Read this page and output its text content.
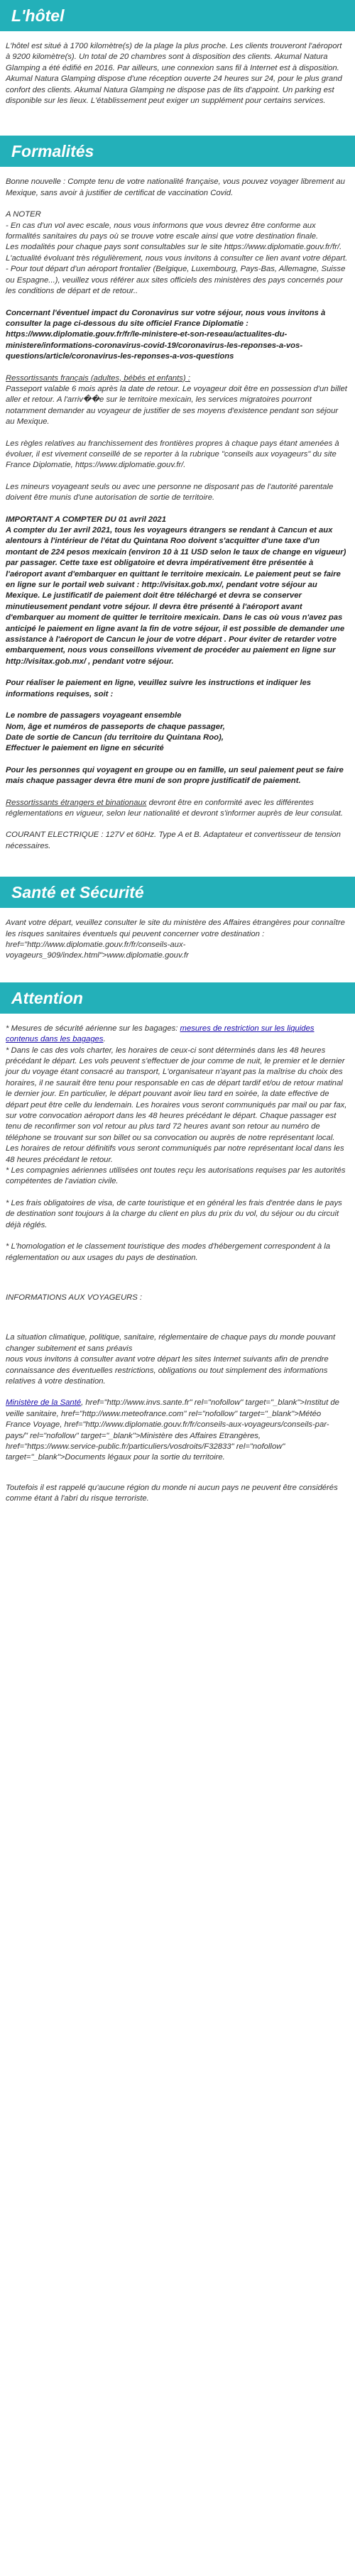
L'hôtel

L'hôtel est situé à 1700 kilomètre(s) de la plage la plus proche. Les clients trouveront l'aéroport à 9200 kilomètre(s). Un total de 20 chambres sont à disposition des clients. Akumal Natura Glamping a été édifié en 2016. Par ailleurs, une connexion sans fil à Internet est à disposition. Akumal Natura Glamping dispose d'une réception ouverte 24 heures sur 24, pour le plus grand confort des clients. Akumal Natura Glamping ne dispose pas de lits d'appoint. Un parking est disponible sur les lieux. L'établissement peut exiger un supplément pour certains services.

Formalités

Bonne nouvelle : Compte tenu de votre nationalité française, vous pouvez voyager librement au Mexique, sans avoir à justifier de certificat de vaccination Covid.

A NOTER
- En cas d'un vol avec escale, nous vous informons que vous devrez être conforme aux formalités sanitaires du pays où se trouve votre escale ainsi que votre destination finale.
Les modalités pour chaque pays sont consultables sur le site https://www.diplomatie.gouv.fr/fr/. L'actualité évoluant très régulièrement, nous vous invitons à consulter ce lien avant votre départ.
- Pour tout départ d'un aéroport frontalier (Belgique, Luxembourg, Pays-Bas, Allemagne, Suisse ou Espagne...), veuillez vous référer aux sites officiels des ministères des pays concernés pour les conditions de départ et de retour..

Concernant l'éventuel impact du Coronavirus sur votre séjour, nous vous invitons à consulter la page ci-dessous du site officiel France Diplomatie : https://www.diplomatie.gouv.fr/fr/le-ministere-et-son-reseau/actualites-du-ministere/informations-coronavirus-covid-19/coronavirus-les-reponses-a-vos-questions/article/coronavirus-les-reponses-a-vos-questions

Ressortissants français (adultes, bébés et enfants) :

Passeport valable 6 mois après la date de retour. Le voyageur doit être en possession d'un billet aller et retour. A l'arriv��e sur le territoire mexicain, les services migratoires pourront notamment demander au voyageur de justifier de ses moyens d'existence pendant son séjour au Mexique.

Les règles relatives au franchissement des frontières propres à chaque pays étant amenées à évoluer, il est vivement conseillé de se reporter à la rubrique "conseils aux voyageurs" du site France Diplomatie, https://www.diplomatie.gouv.fr/.

Les mineurs voyageant seuls ou avec une personne ne disposant pas de l'autorité parentale doivent être munis d'une autorisation de sortie de territoire.

IMPORTANT A COMPTER DU 01 avril 2021
A compter du 1er avril 2021, tous les voyageurs étrangers se rendant à Cancun et aux alentours à l'intérieur de l'état du Quintana Roo doivent s'acquitter d'une taxe d'un montant de 224 pesos mexicain (environ 10 à 11 USD selon le taux de change en vigueur) par passager. Cette taxe est obligatoire et devra impérativement être présentée à l'aéroport avant d'embarquer en quittant le territoire mexicain. Le paiement peut se faire en ligne sur le portail web suivant : http://visitax.gob.mx/, pendant votre séjour au Mexique. Le justificatif de paiement doit être téléchargé et devra se conserver minutieusement pendant votre séjour. Il devra être présenté à l'aéroport avant d'embarquer au moment de quitter le territoire mexicain. Dans le cas où vous n'avez pas anticipé le paiement en ligne avant la fin de votre séjour, il est possible de demander une assistance à l'aéroport de Cancun le jour de votre départ . Pour éviter de retarder votre embarquement, nous vous conseillons vivement de procéder au paiement en ligne sur http://visitax.gob.mx/ , pendant votre séjour.

Pour réaliser le paiement en ligne, veuillez suivre les instructions et indiquer les informations requises, soit :

Le nombre de passagers voyageant ensemble
Nom, âge et numéros de passeports de chaque passager,
Date de sortie de Cancun (du territoire du Quintana Roo),
Effectuer le paiement en ligne en sécurité

Pour les personnes qui voyagent en groupe ou en famille, un seul paiement peut se faire mais chaque passager devra être muni de son propre justificatif de paiement.

Ressortissants étrangers et binationaux devront être en conformité avec les différentes réglementations en vigueur, selon leur nationalité et devront s'informer auprès de leur consulat.

COURANT ELECTRIQUE : 127V et 60Hz. Type A et B. Adaptateur et convertisseur de tension nécessaires.

Santé et Sécurité

Avant votre départ, veuillez consulter le site du ministère des Affaires étrangères pour connaître les risques sanitaires éventuels qui peuvent concerner votre destination : href="http://www.diplomatie.gouv.fr/fr/conseils-aux-voyageurs_909/index.html">www.diplomatie.gouv.fr

Attention

* Mesures de sécurité aérienne sur les bagages: mesures de restriction sur les liquides contenus dans les bagages.

* Dans le cas des vols charter, les horaires de ceux-ci sont déterminés dans les 48 heures précédant le départ. Les vols peuvent s'effectuer de jour comme de nuit, le premier et le dernier jour du voyage étant consacré au transport, L'organisateur n'ayant pas la maîtrise du choix des horaires, il ne saurait être tenu pour responsable en cas de départ tardif et/ou de retour matinal le dernier jour. En particulier, le départ pouvant avoir lieu tard en soirée, la date effective de départ peut être celle du lendemain. Les horaires vous seront communiqués par mail ou par fax, sur votre convocation aéroport dans les 48 heures précédant le départ. Chaque passager est tenu de reconfirmer son vol retour au plus tard 72 heures avant son retour au numéro de téléphone se trouvant sur son billet ou sa convocation ou auprès de notre représentant local. Les horaires de retour définitifs vous seront communiqués par notre représentant local dans les 48 heures précédant le retour.
* Les compagnies aériennes utilisées ont toutes reçu les autorisations requises par les autorités compétentes de l'aviation civile.

* Les frais obligatoires de visa, de carte touristique et en général les frais d'entrée dans le pays de destination sont toujours à la charge du client en plus du prix du vol, du séjour ou du circuit déjà réglés.

* L'homologation et le classement touristique des modes d'hébergement correspondent à la réglementation ou aux usages du pays de destination.

INFORMATIONS AUX VOYAGEURS :

La situation climatique, politique, sanitaire, réglementaire de chaque pays du monde pouvant changer subitement et sans préavis
nous vous invitons à consulter avant votre départ les sites Internet suivants afin de prendre connaissance des éventuelles restrictions, obligations ou tout simplement des informations relatives à votre destination.

Ministère de la Santé, href="http://www.invs.sante.fr" rel="nofollow" target="_blank">Institut de veille sanitaire, href="http://www.meteofrance.com" rel="nofollow" target="_blank">Météo France Voyage, href="http://www.diplomatie.gouv.fr/fr/conseils-aux-voyageurs/conseils-par-pays/" rel="nofollow" target="_blank">Ministère des Affaires Etrangères, href="https://www.service-public.fr/particuliers/vosdroits/F32833" rel="nofollow" target="_blank">Documents légaux pour la sortie du territoire.

Toutefois il est rappelé qu'aucune région du monde ni aucun pays ne peuvent être considérés comme étant à l'abri du risque terroriste.
